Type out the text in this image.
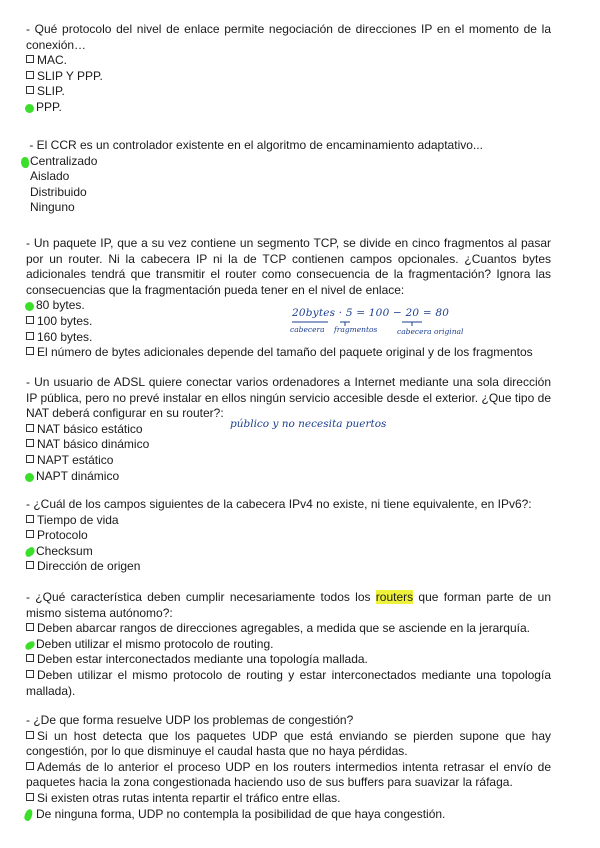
- Qué protocolo del nivel de enlace permite negociación de direcciones IP en el momento de la conexión…

MAC.
SLIP Y PPP.
SLIP.
PPP.

- El CCR es un controlador existente en el algoritmo de encaminamiento adaptativo...

Centralizado
Aislado
Distribuido
Ninguno

- Un paquete IP, que a su vez contiene un segmento TCP, se divide en cinco fragmentos al pasar por un router. Ni la cabecera IP ni la de TCP contienen campos opcionales. ¿Cuantos bytes adicionales tendrá que transmitir el router como consecuencia de la fragmentación? Ignora las consecuencias que la fragmentación pueda tener en el nivel de enlace:

80 bytes.
100 bytes.
160 bytes.
El número de bytes adicionales depende del tamaño del paquete original y de los fragmentos
20bytes · 5 = 100 − 20 = 80
cabecera fragmentos	cabecera original

- Un usuario de ADSL quiere conectar varios ordenadores a Internet mediante una sola dirección IP pública, pero no prevé instalar en ellos ningún servicio accesible desde el exterior. ¿Que tipo de NAT deberá configurar en su router?:

NAT básico estático
NAT básico dinámico
NAPT estático
NAPT dinámico
público y no necesita puertos

- ¿Cuál de los campos siguientes de la cabecera IPv4 no existe, ni tiene equivalente, en IPv6?:

Tiempo de vida
Protocolo
Checksum
Dirección de origen

- ¿Qué característica deben cumplir necesariamente todos los routers que forman parte de un mismo sistema autónomo?:

Deben abarcar rangos de direcciones agregables, a medida que se asciende en la jerarquía.
Deben utilizar el mismo protocolo de routing.
Deben estar interconectados mediante una topología mallada.

Deben utilizar el mismo protocolo de routing y estar interconectados mediante una topología mallada).

- ¿De que forma resuelve UDP los problemas de congestión?

Si un host detecta que los paquetes UDP que está enviando se pierden supone que hay congestión, por lo que disminuye el caudal hasta que no haya pérdidas.

Además de lo anterior el proceso UDP en los routers intermedios intenta retrasar el envío de paquetes hacia la zona congestionada haciendo uso de sus buffers para suavizar la ráfaga.

Si existen otras rutas intenta repartir el tráfico entre ellas.
De ninguna forma, UDP no contempla la posibilidad de que haya congestión.
